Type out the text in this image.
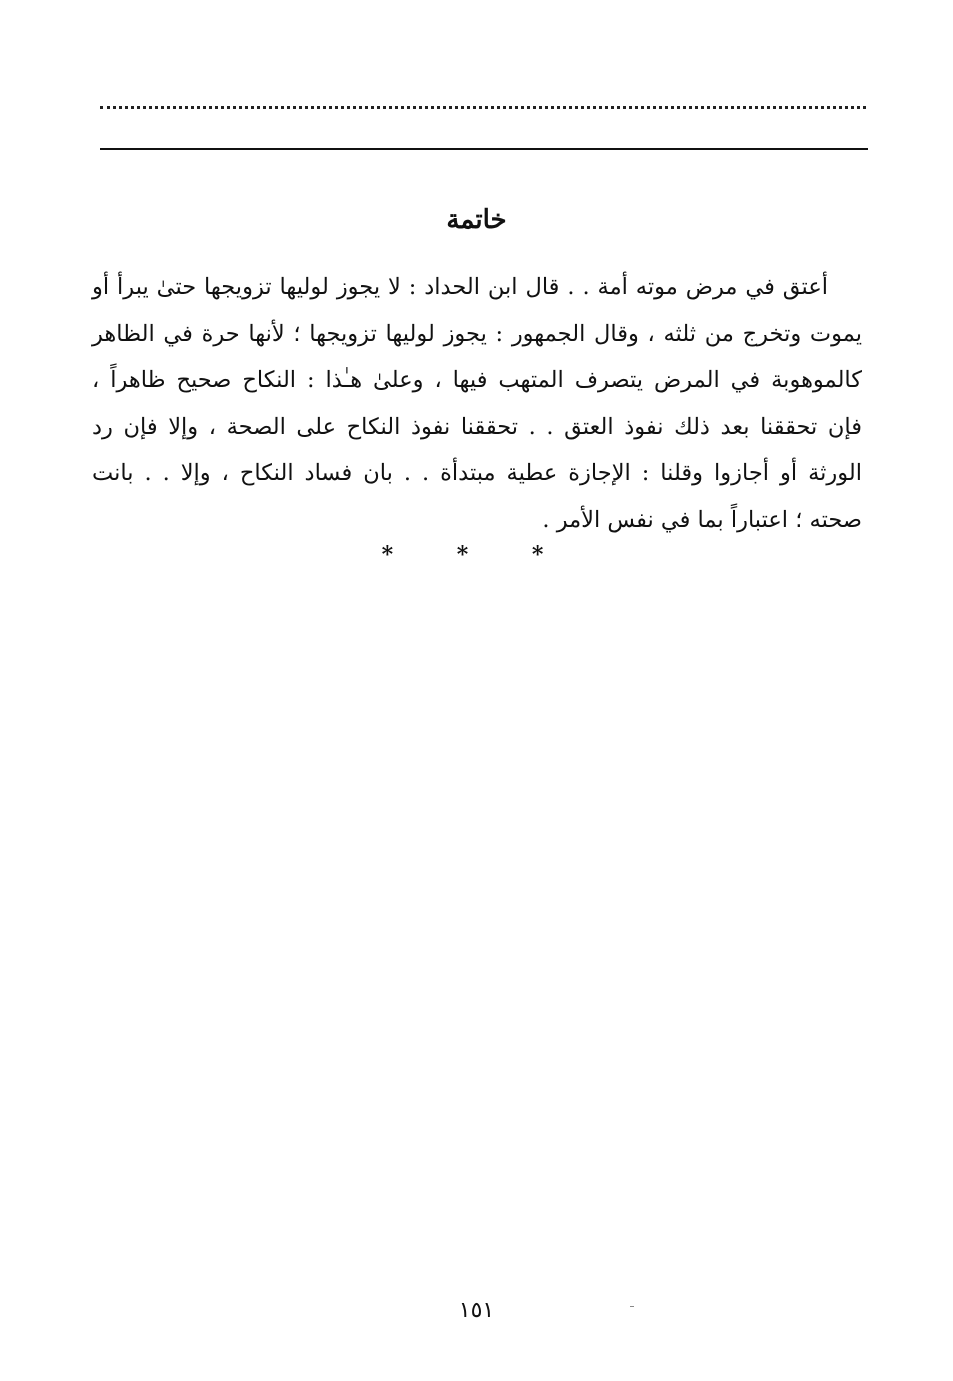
خاتمة
أعتق في مرض موته أمة . . قال ابن الحداد : لا يجوز لوليها تزويجها حتىٰ يبرأ أو
يموت وتخرج من ثلثه ، وقال الجمهور : يجوز لوليها تزويجها ؛ لأنها حرة في الظاهر
كالموهوبة في المرض يتصرف المتهب فيها ، وعلىٰ هـٰذا : النكاح صحيح ظاهراً ،
فإن تحققنا بعد ذلك نفوذ العتق . . تحققنا نفوذ النكاح على الصحة ، وإلا فإن رد
الورثة أو أجازوا وقلنا : الإجازة عطية مبتدأة . . بان فساد النكاح ، وإلا . . بانت
صحته ؛ اعتباراً بما في نفس الأمر .
* * *
١٥١
